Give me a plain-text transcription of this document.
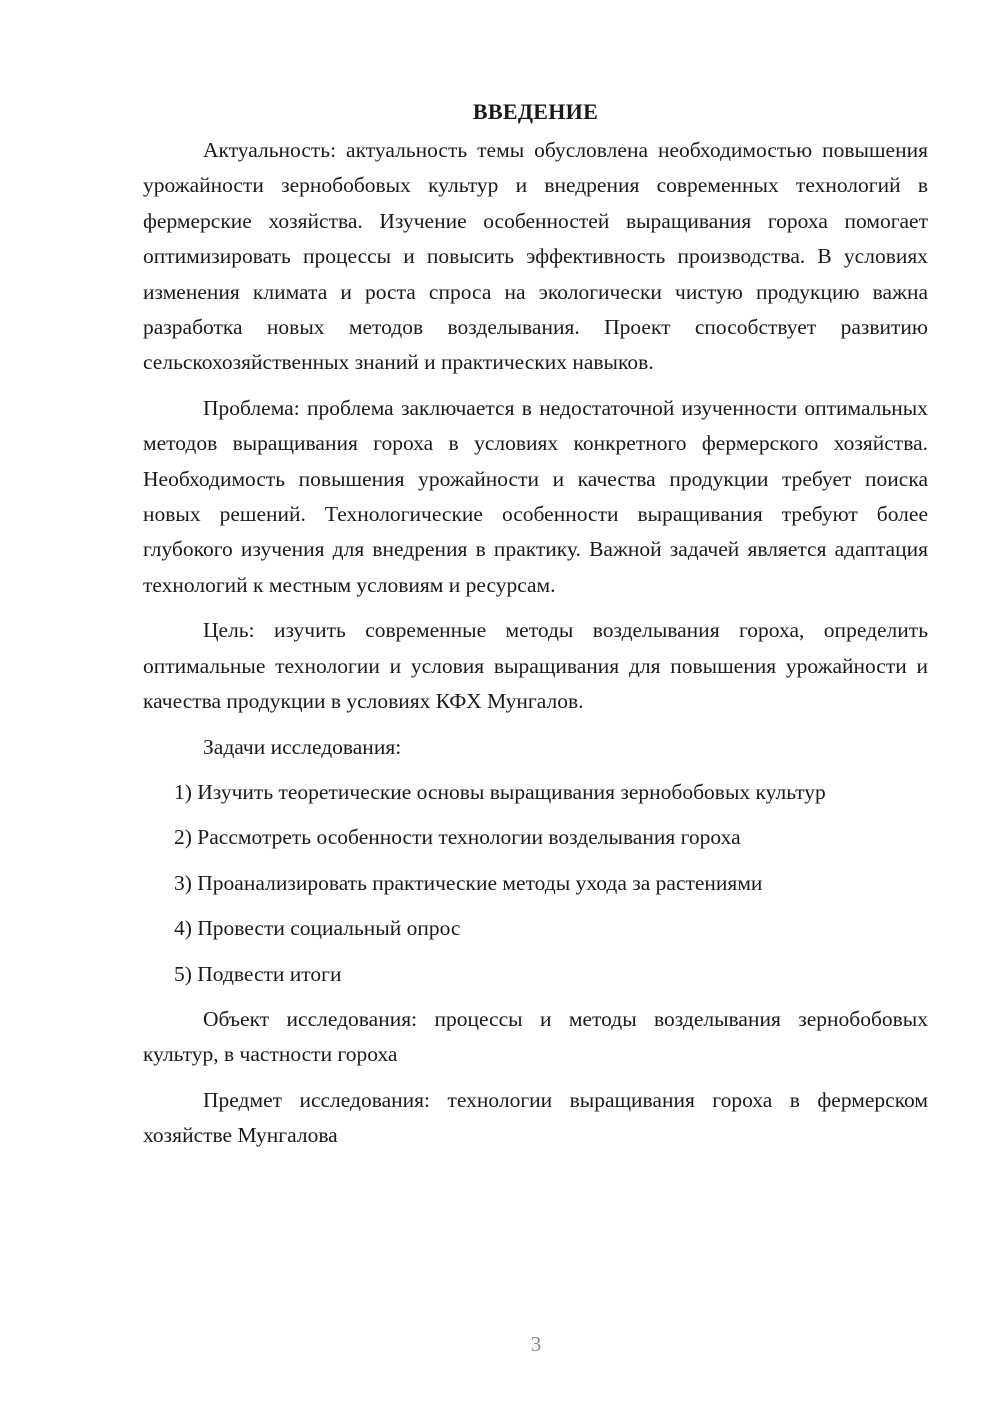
ВВЕДЕНИЕ

Актуальность: актуальность темы обусловлена необходимостью повышения урожайности зернобобовых культур и внедрения современных технологий в фермерские хозяйства. Изучение особенностей выращивания гороха помогает оптимизировать процессы и повысить эффективность производства. В условиях изменения климата и роста спроса на экологически чистую продукцию важна разработка новых методов возделывания. Проект способствует развитию сельскохозяйственных знаний и практических навыков.

Проблема: проблема заключается в недостаточной изученности оптимальных методов выращивания гороха в условиях конкретного фермерского хозяйства. Необходимость повышения урожайности и качества продукции требует поиска новых решений. Технологические особенности выращивания требуют более глубокого изучения для внедрения в практику. Важной задачей является адаптация технологий к местным условиям и ресурсам.

Цель: изучить современные методы возделывания гороха, определить оптимальные технологии и условия выращивания для повышения урожайности и качества продукции в условиях КФХ Мунгалов.

Задачи исследования:

1) Изучить теоретические основы выращивания зернобобовых культур

2) Рассмотреть особенности технологии возделывания гороха

3) Проанализировать практические методы ухода за растениями

4) Провести социальный опрос

5) Подвести итоги

Объект исследования: процессы и методы возделывания зернобобовых культур, в частности гороха

Предмет исследования: технологии выращивания гороха в фермерском хозяйстве Мунгалова

3
